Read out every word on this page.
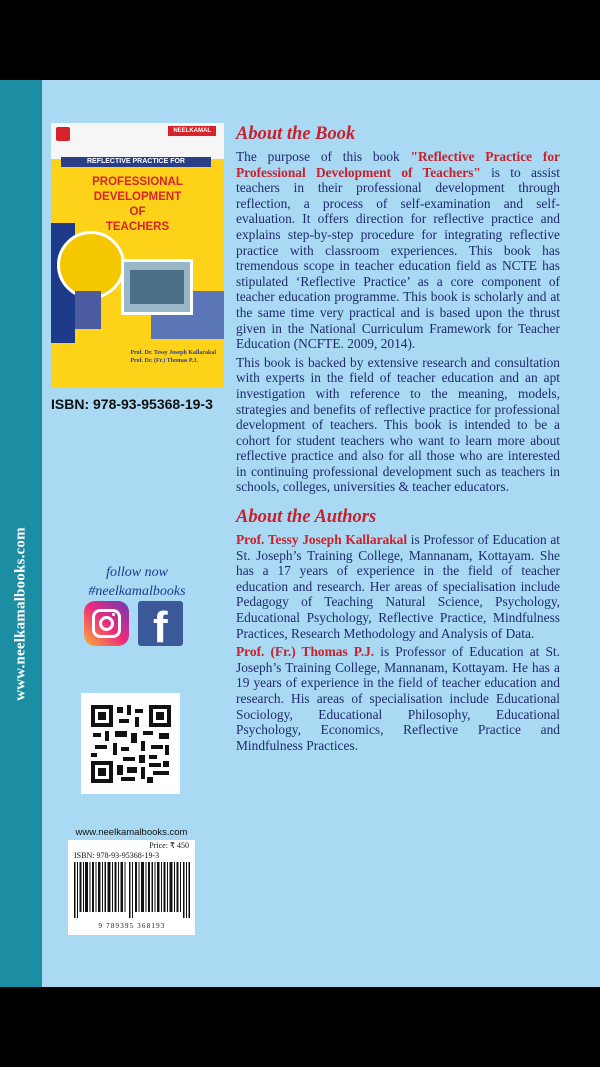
www.neelkamalbooks.com
NEELKAMAL
REFLECTIVE PRACTICE FOR
PROFESSIONAL DEVELOPMENT
OF
TEACHERS
Prof. Dr. Tessy Joseph Kallarakal
Prof. Dr. (Fr.) Thomas P.J.
ISBN: 978-93-95368-19-3
follow now
#neelkamalbooks
f
www.neelkamalbooks.com
Price: ₹ 450
ISBN: 978-93-95368-19-3
9 789395 368193
About the Book

The purpose of this book "Reflective Practice for Professional Development of Teachers" is to assist teachers in their professional development through reflection, a process of self-examination and self-evaluation. It offers direction for reflective practice and explains step-by-step procedure for integrating reflective practice with classroom experiences. This book has tremendous scope in teacher education field as NCTE has stipulated ‘Reflective Practice’ as a core component of teacher education programme. This book is scholarly and at the same time very practical and is based upon the thrust given in the National Curriculum Framework for Teacher Education (NCFTE. 2009, 2014).

This book is backed by extensive research and consultation with experts in the field of teacher education and an apt investigation with reference to the meaning, models, strategies and benefits of reflective practice for professional development of teachers. This book is intended to be a cohort for student teachers who want to learn more about reflective practice and also for all those who are interested in continuing professional development such as teachers in schools, colleges, universities & teacher educators.

About the Authors

Prof. Tessy Joseph Kallarakal is Professor of Education at St. Joseph’s Training College, Mannanam, Kottayam. She has a 17 years of experience in the field of teacher education and research. Her areas of specialisation include Pedagogy of Teaching Natural Science, Psychology, Educational Psychology, Reflective Practice, Mindfulness Practices, Research Methodology and Analysis of Data.

Prof. (Fr.) Thomas P.J. is Professor of Education at St. Joseph’s Training College, Mannanam, Kottayam. He has a 19 years of experience in the field of teacher education and research. His areas of specialisation include Educational Sociology, Educational Philosophy, Educational Psychology, Economics, Reflective Practice and Mindfulness Practices.
